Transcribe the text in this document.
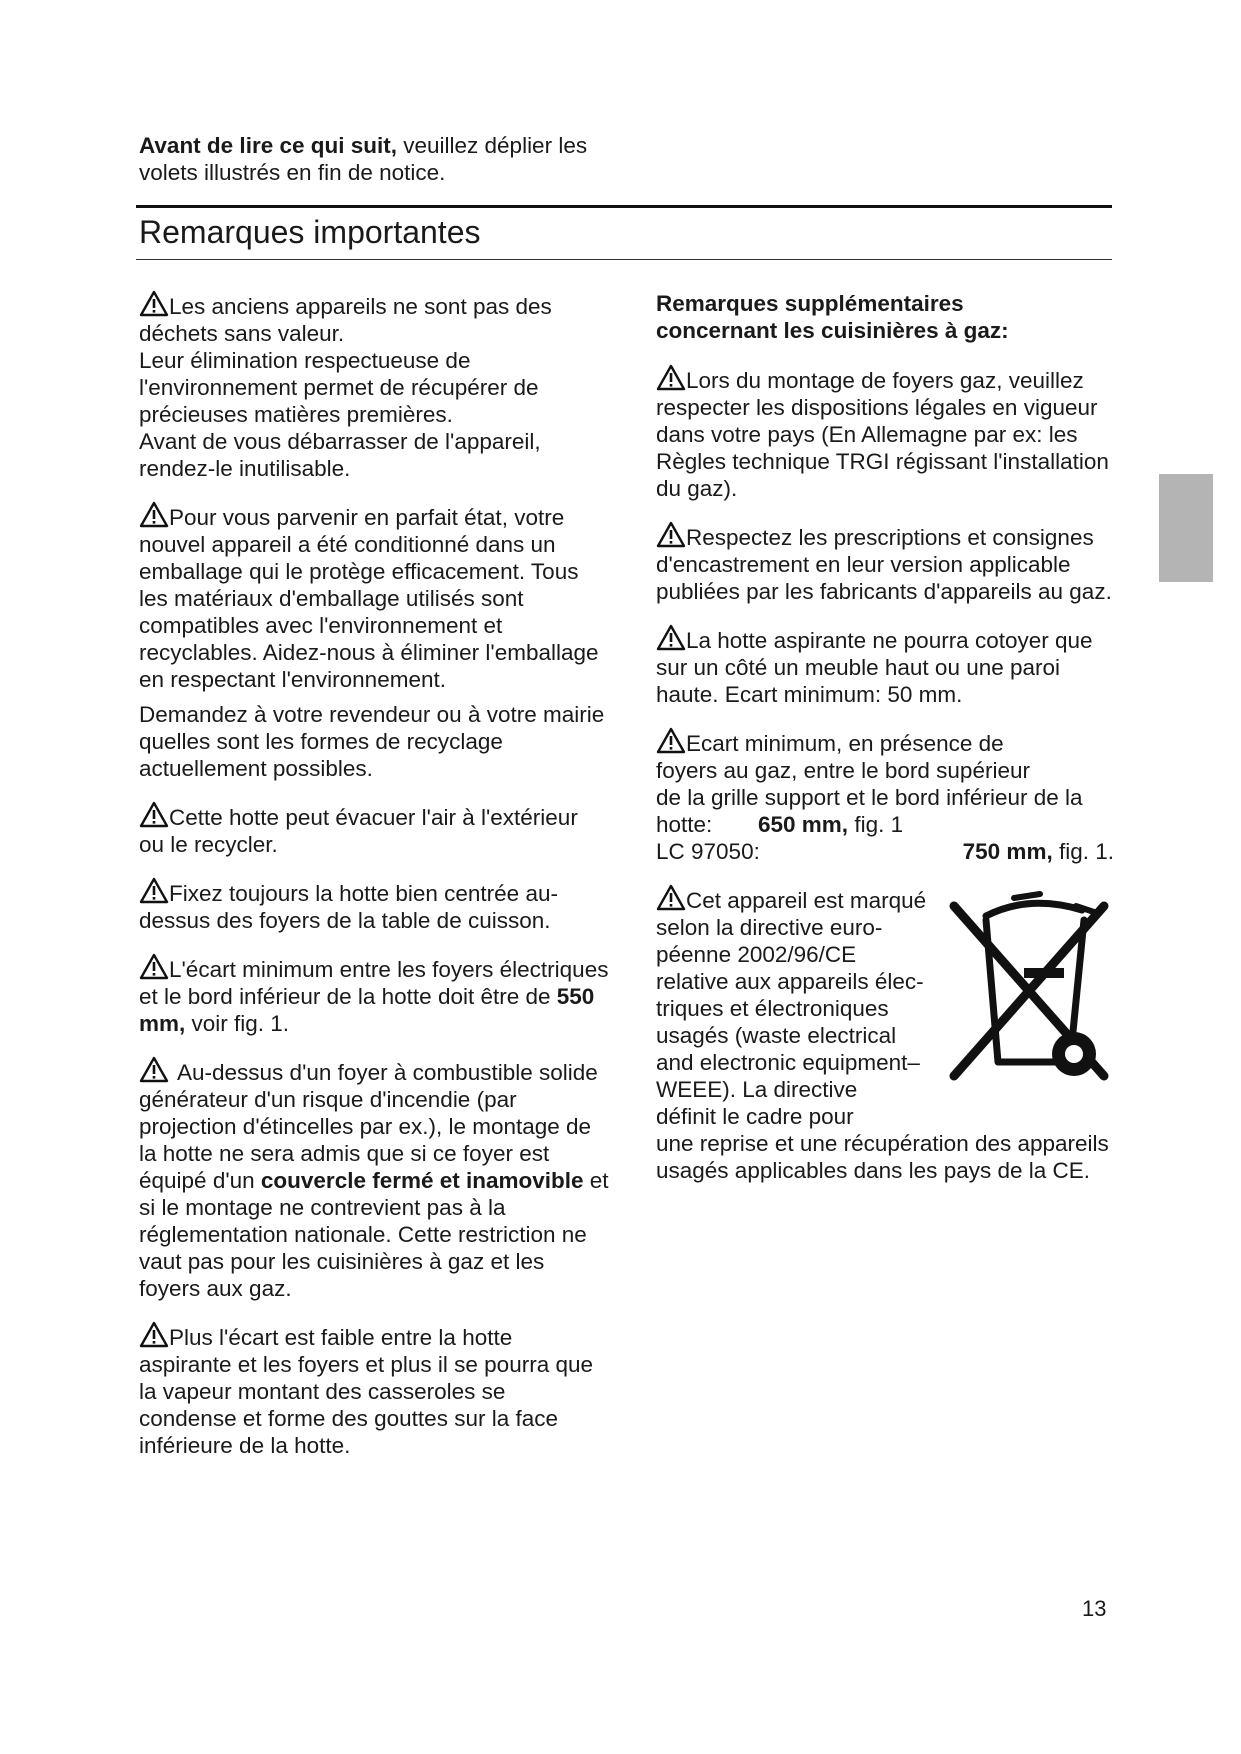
Avant de lire ce qui suit, veuillez déplier les volets illustrés en fin de notice.
Remarques importantes

Les anciens appareils ne sont pas des déchets sans valeur.

Leur élimination respectueuse de l'environnement permet de récupérer de précieuses matières premières.

Avant de vous débarrasser de l'appareil, rendez-le inutilisable.

Pour vous parvenir en parfait état, votre nouvel appareil a été conditionné dans un emballage qui le protège efficacement. Tous les matériaux d'emballage utilisés sont compatibles avec l'environnement et recyclables. Aidez-nous à éliminer l'emballage en respectant l'environnement.

Demandez à votre revendeur ou à votre mairie quelles sont les formes de recyclage actuellement possibles.

Cette hotte peut évacuer l'air à l'extérieur ou le recycler.

Fixez toujours la hotte bien centrée au-dessus des foyers de la table de cuisson.

L'écart minimum entre les foyers électriques et le bord inférieur de la hotte doit être de 550 mm, voir fig. 1.

Au-dessus d'un foyer à combustible solide générateur d'un risque d'incendie (par projection d'étincelles par ex.), le montage de la hotte ne sera admis que si ce foyer est équipé d'un couvercle fermé et inamovible et si le montage ne contrevient pas à la réglementation nationale. Cette restriction ne vaut pas pour les cuisinières à gaz et les foyers aux gaz.

Plus l'écart est faible entre la hotte aspirante et les foyers et plus il se pourra que la vapeur montant des casseroles se condense et forme des gouttes sur la face inférieure de la hotte.

Remarques supplémentaires

concernant les cuisinières à gaz:

Lors du montage de foyers gaz, veuillez respecter les dispositions légales en vigueur dans votre pays (En Allemagne par ex: les Règles technique TRGI régissant l'installation du gaz).

Respectez les prescriptions et consignes d'encastrement en leur version applicable publiées par les fabricants d'appareils au gaz.

La hotte aspirante ne pourra cotoyer que sur un côté un meuble haut ou une paroi haute. Ecart minimum: 50 mm.

Ecart minimum, en présence de

foyers au gaz, entre le bord supérieur

de la grille support et le bord inférieur de la

hotte:	650 mm, fig. 1
LC 97050:	750 mm, fig. 1.

Cet appareil est marqué

selon la directive euro-

péenne 2002/96/CE

relative aux appareils élec-

triques et électroniques

usagés (waste electrical

and electronic equipment–

WEEE). La directive

définit le cadre pour

une reprise et une récupération des appareils usagés applicables dans les pays de la CE.

13
